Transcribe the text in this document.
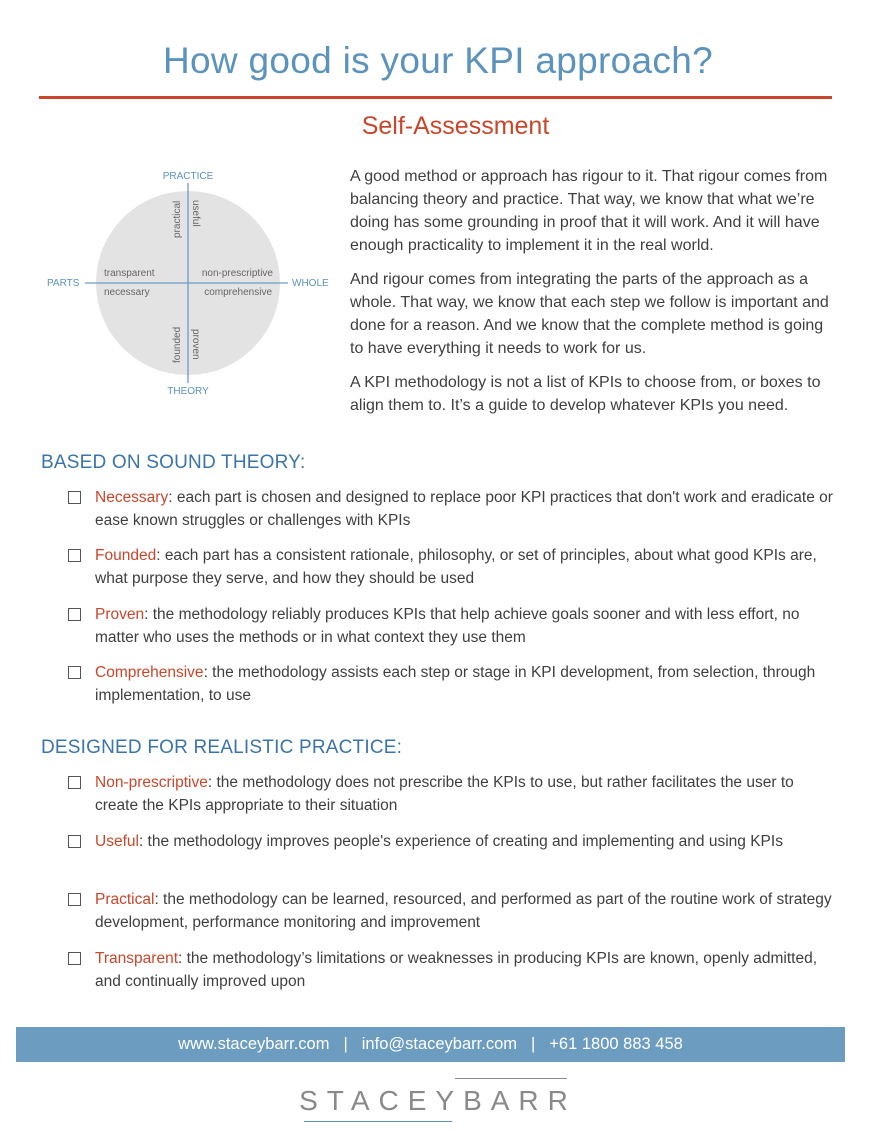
How good is your KPI approach?
Self-Assessment
PRACTICE
THEORY
PARTS	WHOLE
practical useful
transparent
necessary
non-prescriptive
comprehensive
founded proven

A good method or approach has rigour to it. That rigour comes from balancing theory and practice. That way, we know that what we’re doing has some grounding in proof that it will work. And it will have enough practicality to implement it in the real world.

And rigour comes from integrating the parts of the approach as a whole. That way, we know that each step we follow is important and done for a reason. And we know that the complete method is going to have everything it needs to work for us.

A KPI methodology is not a list of KPIs to choose from, or boxes to align them to. It’s a guide to develop whatever KPIs you need.

BASED ON SOUND THEORY:
Necessary: each part is chosen and designed to replace poor KPI practices that don't work and eradicate or ease known struggles or challenges with KPIs
Founded: each part has a consistent rationale, philosophy, or set of principles, about what good KPIs are, what purpose they serve, and how they should be used
Proven: the methodology reliably produces KPIs that help achieve goals sooner and with less effort, no matter who uses the methods or in what context they use them
Comprehensive: the methodology assists each step or stage in KPI development, from selection, through implementation, to use
DESIGNED FOR REALISTIC PRACTICE:
Non-prescriptive: the methodology does not prescribe the KPIs to use, but rather facilitates the user to create the KPIs appropriate to their situation
Useful: the methodology improves people's experience of creating and implementing and using KPIs
Practical: the methodology can be learned, resourced, and performed as part of the routine work of strategy development, performance monitoring and improvement
Transparent: the methodology’s limitations or weaknesses in producing KPIs are known, openly admitted, and continually improved upon
www.staceybarr.com | info@staceybarr.com | +61 1800 883 458
STACEYBARR
